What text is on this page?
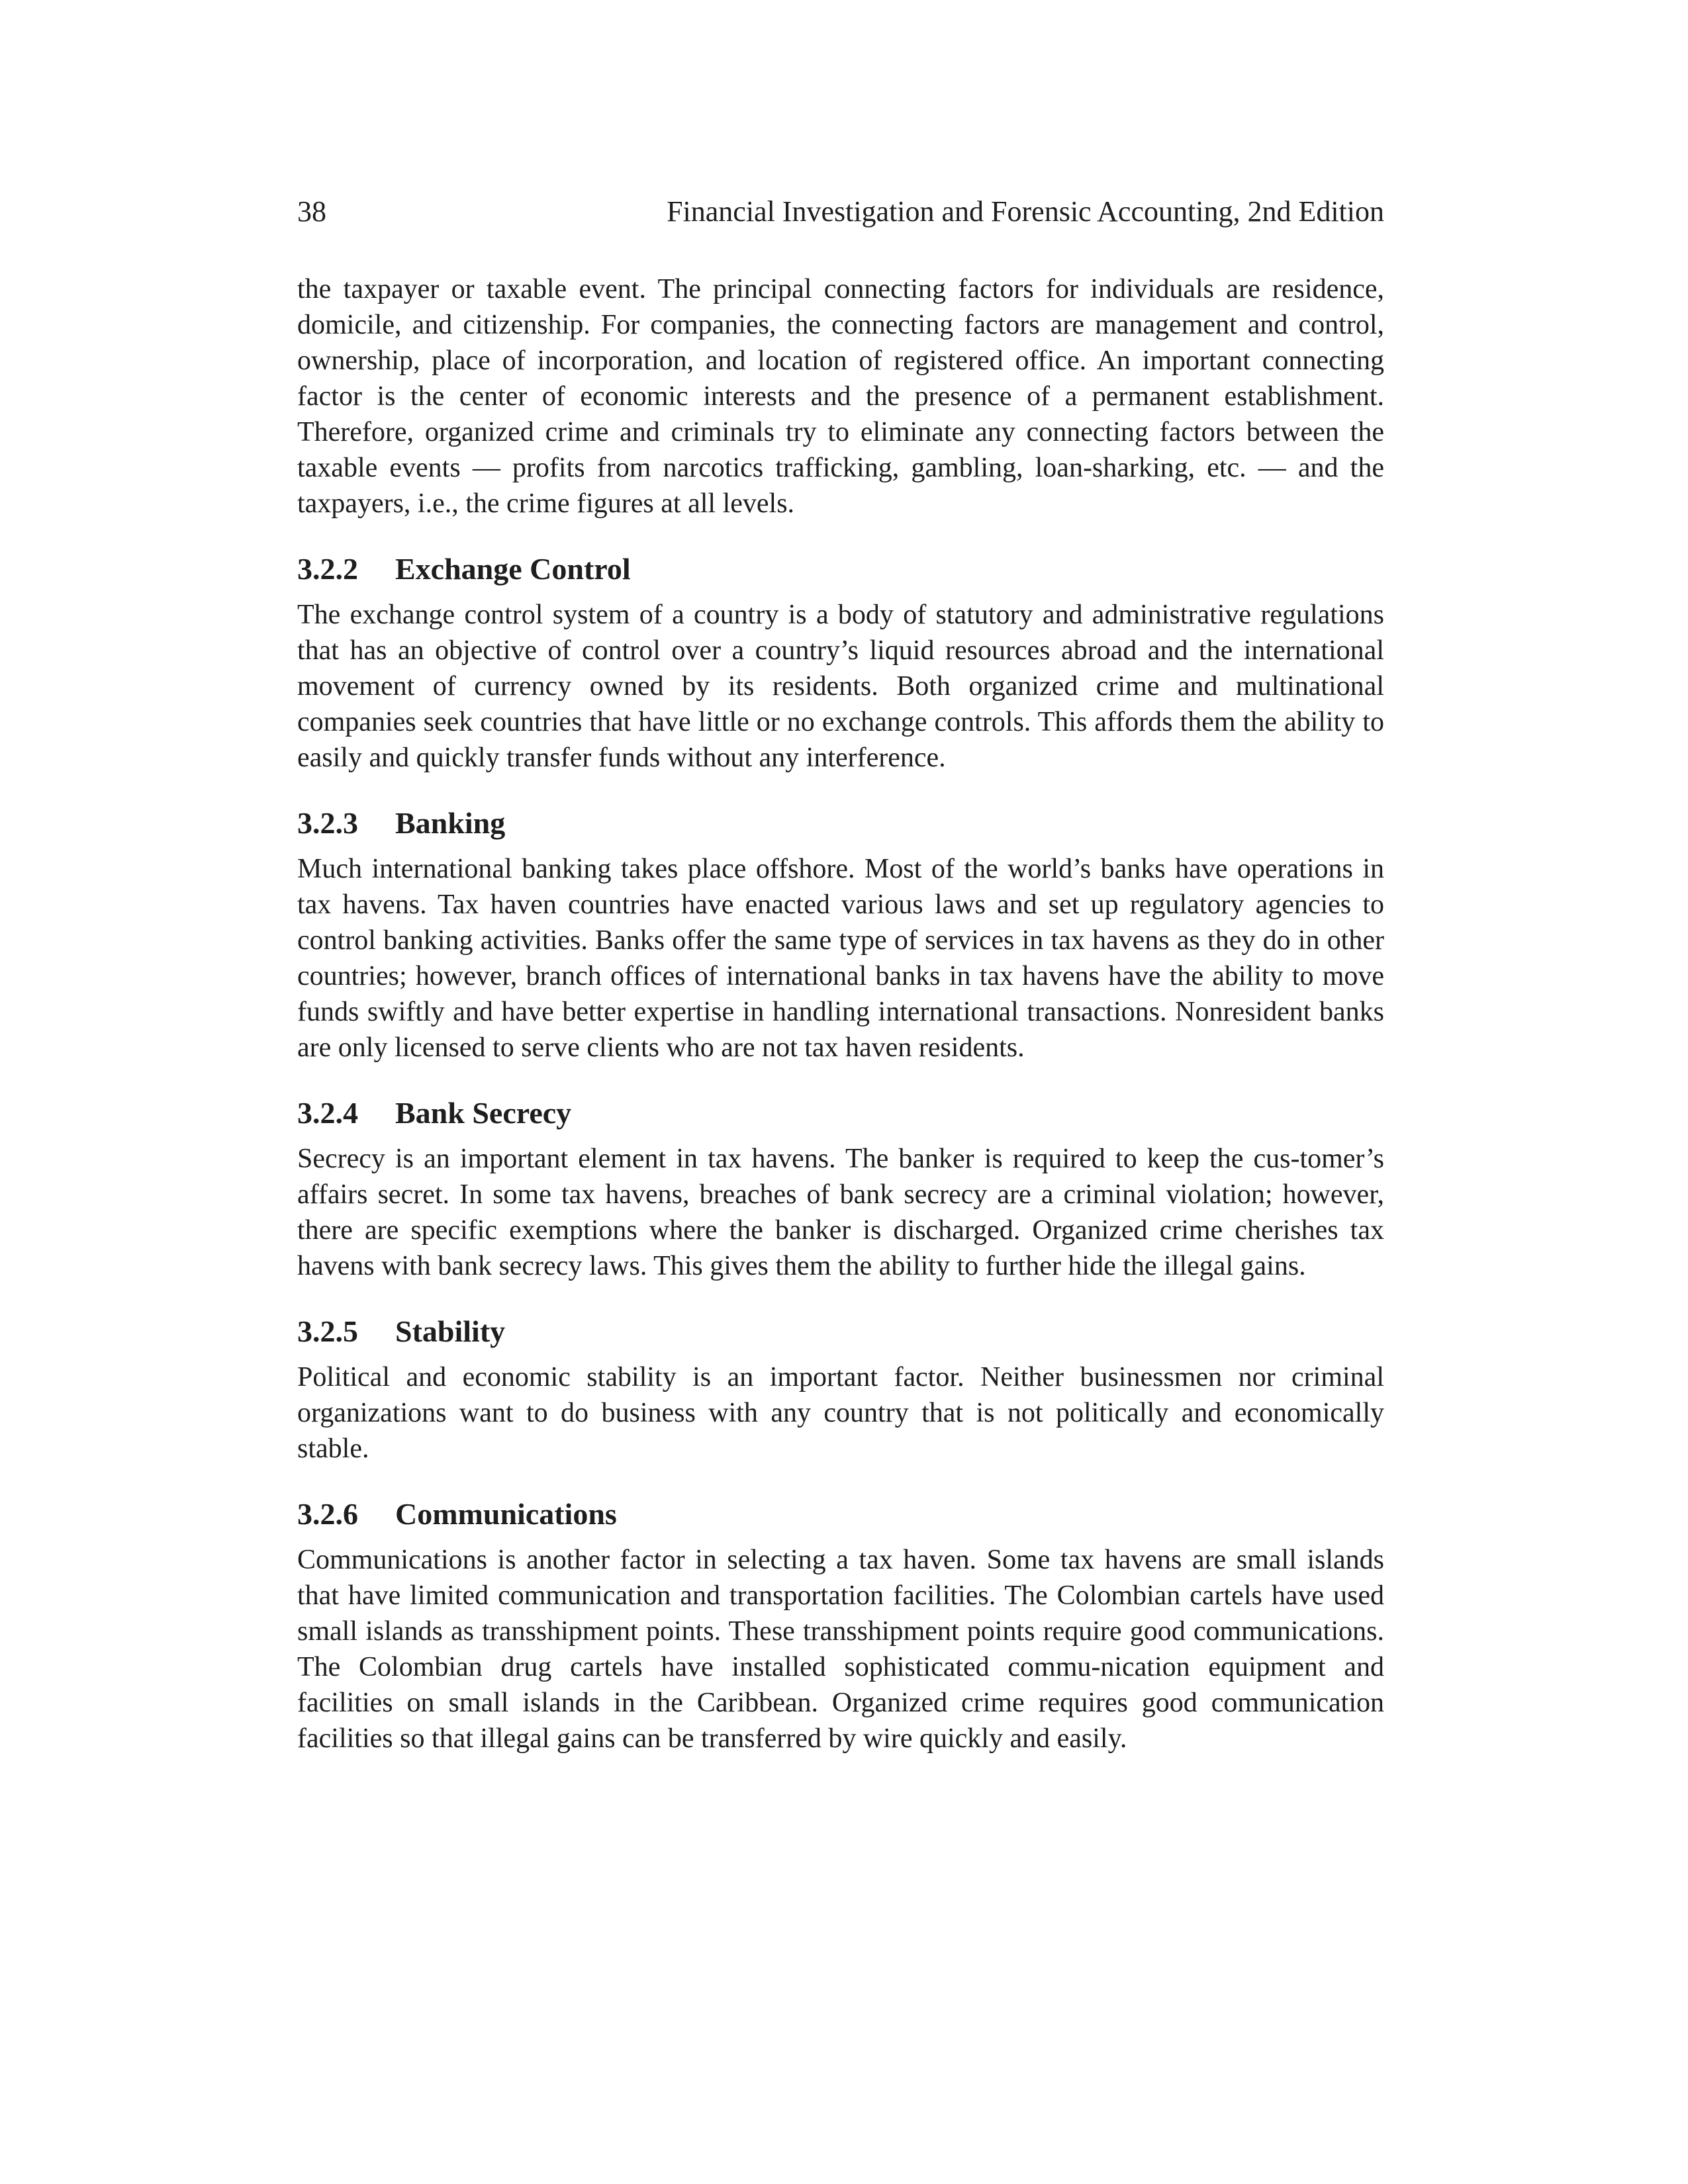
38	Financial Investigation and Forensic Accounting, 2nd Edition

the taxpayer or taxable event. The principal connecting factors for individuals are residence, domicile, and citizenship. For companies, the connecting factors are management and control, ownership, place of incorporation, and location of registered office. An important connecting factor is the center of economic interests and the presence of a permanent establishment. Therefore, organized crime and criminals try to eliminate any connecting factors between the taxable events — profits from narcotics trafficking, gambling, loan-sharking, etc. — and the taxpayers, i.e., the crime figures at all levels.

3.2.2 Exchange Control

The exchange control system of a country is a body of statutory and administrative regulations that has an objective of control over a country’s liquid resources abroad and the international movement of currency owned by its residents. Both organized crime and multinational companies seek countries that have little or no exchange controls. This affords them the ability to easily and quickly transfer funds without any interference.

3.2.3 Banking

Much international banking takes place offshore. Most of the world’s banks have operations in tax havens. Tax haven countries have enacted various laws and set up regulatory agencies to control banking activities. Banks offer the same type of services in tax havens as they do in other countries; however, branch offices of international banks in tax havens have the ability to move funds swiftly and have better expertise in handling international transactions. Nonresident banks are only licensed to serve clients who are not tax haven residents.

3.2.4 Bank Secrecy

Secrecy is an important element in tax havens. The banker is required to keep the cus-tomer’s affairs secret. In some tax havens, breaches of bank secrecy are a criminal violation; however, there are specific exemptions where the banker is discharged. Organized crime cherishes tax havens with bank secrecy laws. This gives them the ability to further hide the illegal gains.

3.2.5 Stability

Political and economic stability is an important factor. Neither businessmen nor criminal organizations want to do business with any country that is not politically and economically stable.

3.2.6 Communications

Communications is another factor in selecting a tax haven. Some tax havens are small islands that have limited communication and transportation facilities. The Colombian cartels have used small islands as transshipment points. These transshipment points require good communications. The Colombian drug cartels have installed sophisticated commu-nication equipment and facilities on small islands in the Caribbean. Organized crime requires good communication facilities so that illegal gains can be transferred by wire quickly and easily.
